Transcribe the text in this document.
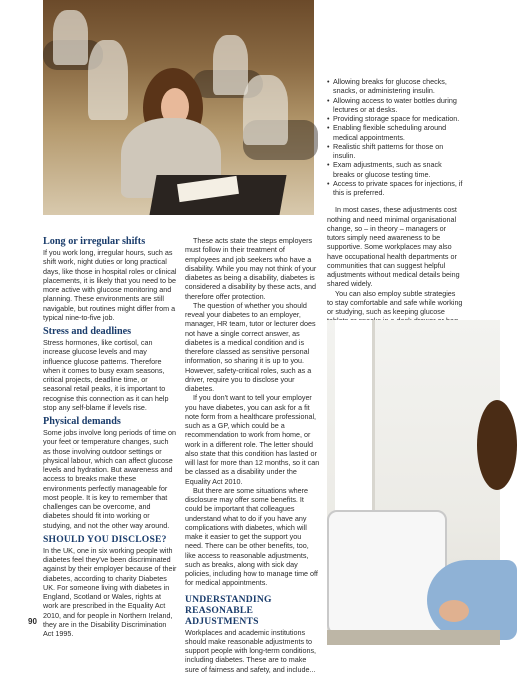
Long or irregular shifts

If you work long, irregular hours, such as shift work, night duties or long practical days, like those in hospital roles or clinical placements, it is likely that you need to be more active with glucose monitoring and planning. These environments are still navigable, but routines might differ from a typical nine-to-five job.

Stress and deadlines

Stress hormones, like cortisol, can increase glucose levels and may influence glucose patterns. Therefore when it comes to busy exam seasons, critical projects, deadline time, or seasonal retail peaks, it is important to recognise this connection as it can help stop any self-blame if levels rise.

Physical demands

Some jobs involve long periods of time on your feet or temperature changes, such as those involving outdoor settings or physical labour, which can affect glucose levels and hydration. But awareness and access to breaks make these environments perfectly manageable for most people. It is key to remember that challenges can be overcome, and diabetes should fit into working or studying, and not the other way around.

SHOULD YOU DISCLOSE?

In the UK, one in six working people with diabetes feel they've been discriminated against by their employer because of their diabetes, according to charity Diabetes UK. For someone living with diabetes in England, Scotland or Wales, rights at work are prescribed in the Equality Act 2010, and for people in Northern Ireland, they are in the Disability Discrimination Act 1995.

These acts state the steps employers must follow in their treatment of employees and job seekers who have a disability. While you may not think of your diabetes as being a disability, diabetes is considered a disability by these acts, and therefore offer protection.

The question of whether you should reveal your diabetes to an employer, manager, HR team, tutor or lecturer does not have a single correct answer, as diabetes is a medical condition and is therefore classed as sensitive personal information, so sharing it is up to you. However, safety-critical roles, such as a driver, require you to disclose your diabetes.

If you don't want to tell your employer you have diabetes, you can ask for a fit note form from a healthcare professional, such as a GP, which could be a recommendation to work from home, or work in a different role. The letter should also state that this condition has lasted or will last for more than 12 months, so it can be classed as a disability under the Equality Act 2010.

But there are some situations where disclosure may offer some benefits. It could be important that colleagues understand what to do if you have any complications with diabetes, which will make it easier to get the support you need. There can be other benefits, too, like access to reasonable adjustments, such as breaks, along with sick day policies, including how to manage time off for medical appointments.

UNDERSTANDING REASONABLE ADJUSTMENTS

Workplaces and academic institutions should make reasonable adjustments to support people with long-term conditions, including diabetes. These are to make sure of fairness and safety, and include...

• Allowing breaks for glucose checks, snacks, or administering insulin.
• Allowing access to water bottles during lectures or at desks.
• Providing storage space for medication.
• Enabling flexible scheduling around medical appointments.
• Realistic shift patterns for those on insulin.
• Exam adjustments, such as snack breaks or glucose testing time.
• Access to private spaces for injections, if this is preferred.

In most cases, these adjustments cost nothing and need minimal organisational change, so – in theory – managers or tutors simply need awareness to be supportive. Some workplaces may also have occupational health departments or communities that can suggest helpful adjustments without medical details being shared widely.

You can also employ subtle strategies to stay comfortable and safe while working or studying, such as keeping glucose

90
